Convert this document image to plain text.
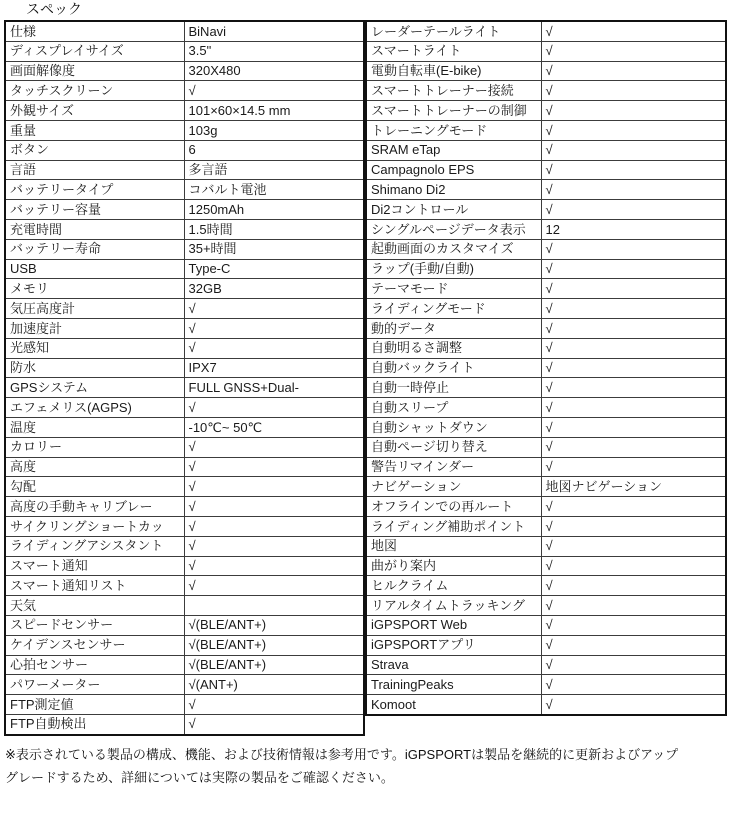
スペック
仕様	BiNavi
ディスプレイサイズ	3.5"
画面解像度	320X480
タッチスクリーン	√
外観サイズ	101×60×14.5 mm
重量	103g
ボタン	6
言語	多言語
バッテリータイプ	コバルト電池
バッテリー容量	1250mAh
充電時間	1.5時間
バッテリー寿命	35+時間
USB	Type-C
メモリ	32GB
気圧高度計	√
加速度計	√
光感知	√
防水	IPX7
GPSシステム	FULL GNSS+Dual-
エフェメリス(AGPS)	√
温度	-10℃~ 50℃
カロリー	√
高度	√
勾配	√
高度の手動キャリブレー	√
サイクリングショートカッ	√
ライディングアシスタント	√
スマート通知	√
スマート通知リスト	√
天気	
スピードセンサー	√(BLE/ANT+)
ケイデンスセンサー	√(BLE/ANT+)
心拍センサー	√(BLE/ANT+)
パワーメーター	√(ANT+)
FTP測定値	√
FTP自動検出	√
レーダーテールライト	√
スマートライト	√
電動自転車(E-bike)	√
スマートトレーナー接続	√
スマートトレーナーの制御	√
トレーニングモード	√
SRAM eTap	√
Campagnolo EPS	√
Shimano Di2	√
Di2コントロール	√
シングルページデータ表示	12
起動画面のカスタマイズ	√
ラップ(手動/自動)	√
テーマモード	√
ライディングモード	√
動的データ	√
自動明るさ調整	√
自動バックライト	√
自動一時停止	√
自動スリープ	√
自動シャットダウン	√
自動ページ切り替え	√
警告リマインダー	√
ナビゲーション	地図ナビゲーション
オフラインでの再ルート	√
ライディング補助ポイント	√
地図	√
曲がり案内	√
ヒルクライム	√
リアルタイムトラッキング	√
iGPSPORT Web	√
iGPSPORTアプリ	√
Strava	√
TrainingPeaks	√
Komoot	√
※表示されている製品の構成、機能、および技術情報は参考用です。iGPSPORTは製品を継続的に更新およびアップ
グレードするため、詳細については実際の製品をご確認ください。
